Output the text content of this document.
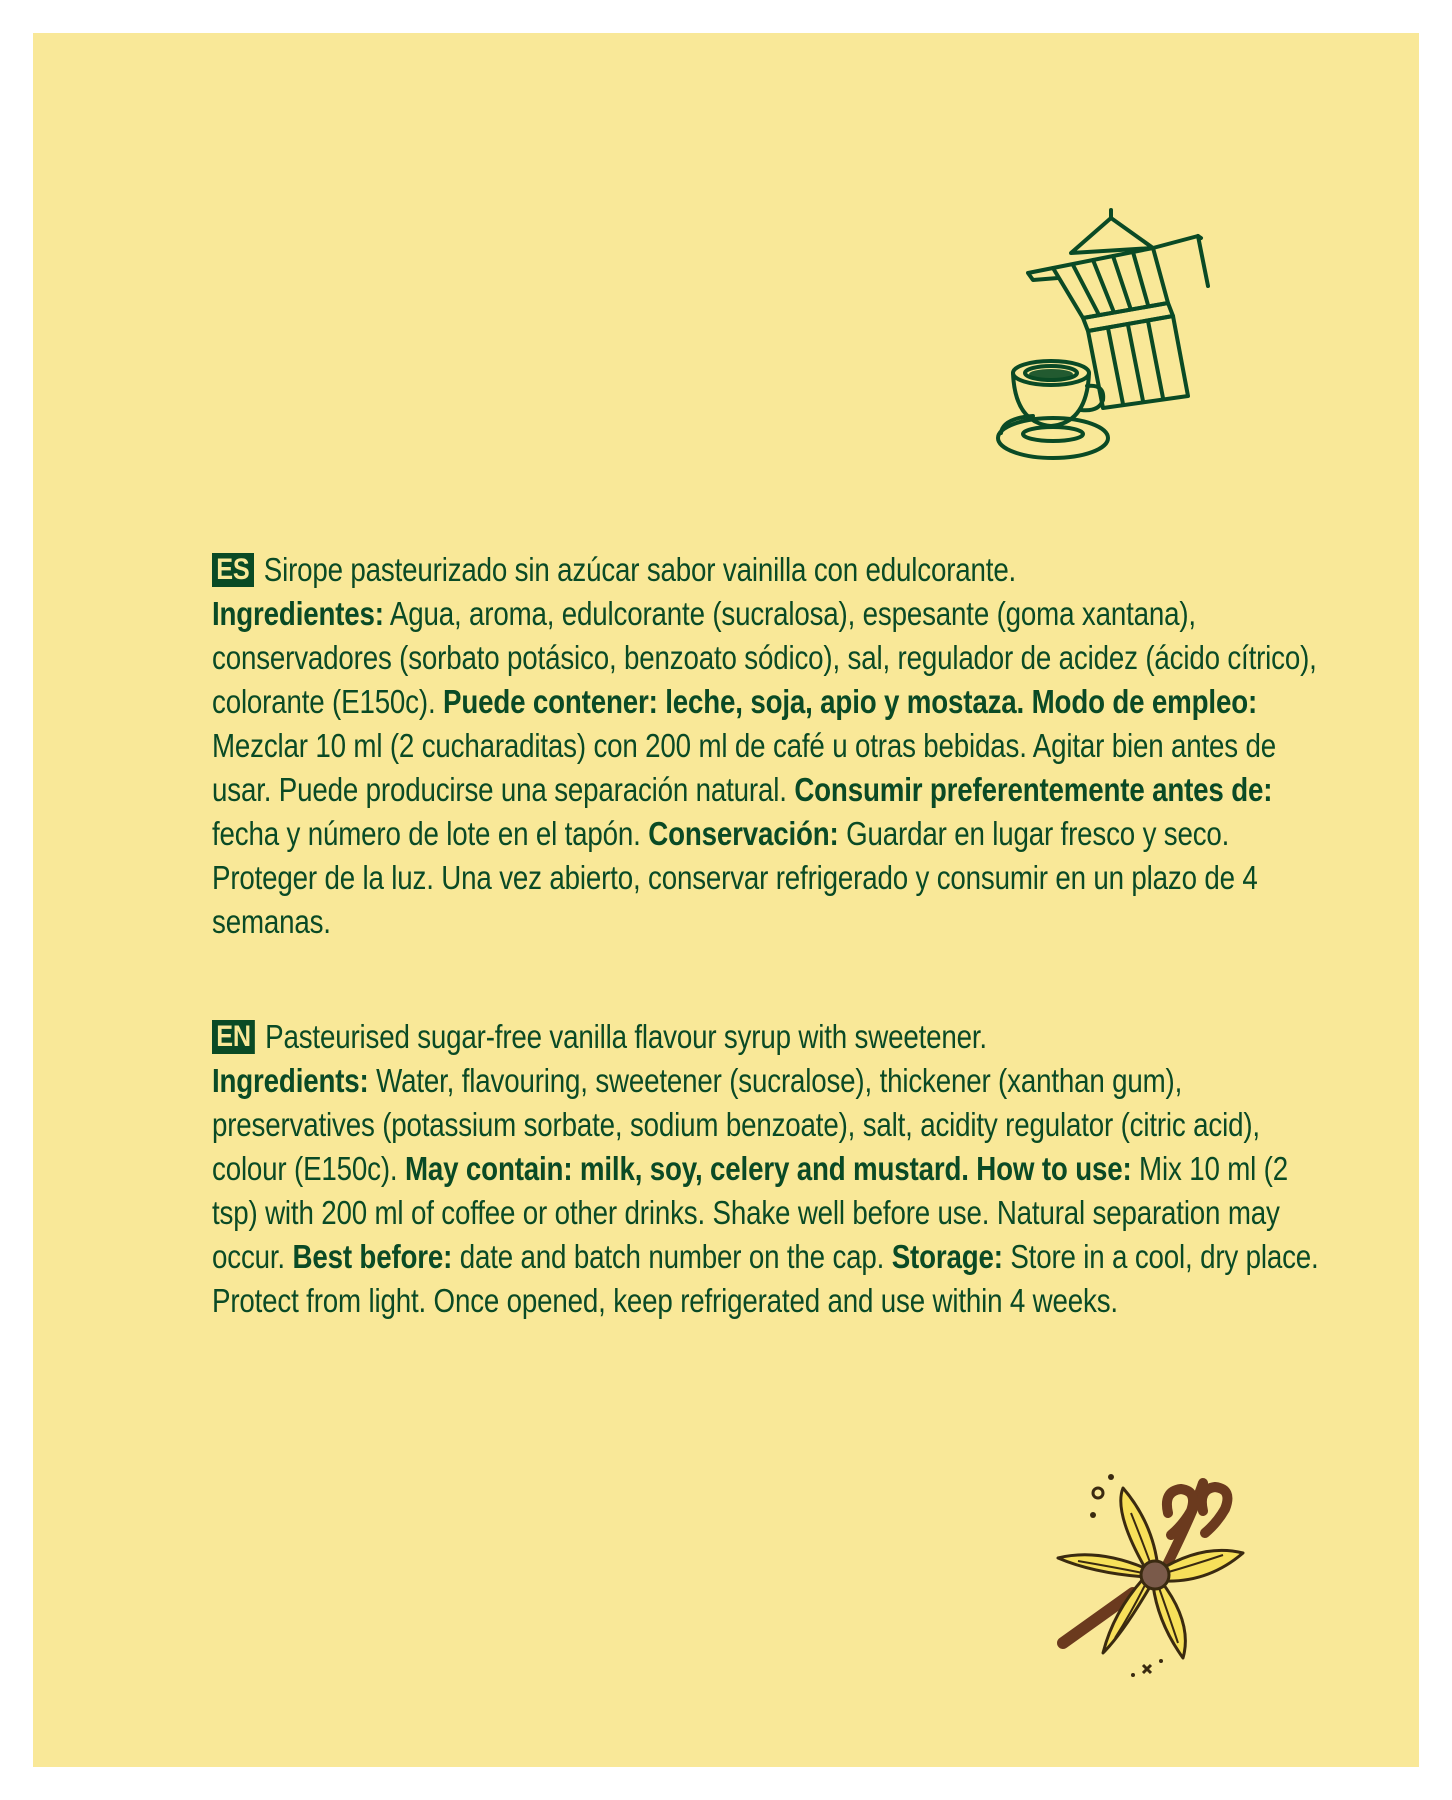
ES Sirope pasteurizado sin azúcar sabor vainilla con edulcorante.
Ingredientes: Agua, aroma, edulcorante (sucralosa), espesante (goma xantana), conservadores (sorbato potásico, benzoato sódico), sal, regulador de acidez (ácido cítrico), colorante (E150c). Puede contener: leche, soja, apio y mostaza. Modo de empleo: Mezclar 10 ml (2 cucharaditas) con 200 ml de café u otras bebidas. Agitar bien antes de usar. Puede producirse una separación natural. Consumir preferentemente antes de: fecha y número de lote en el tapón. Conservación: Guardar en lugar fresco y seco. Proteger de la luz. Una vez abierto, conservar refrigerado y consumir en un plazo de 4 semanas.
EN Pasteurised sugar-free vanilla flavour syrup with sweetener.
Ingredients: Water, flavouring, sweetener (sucralose), thickener (xanthan gum), preservatives (potassium sorbate, sodium benzoate), salt, acidity regulator (citric acid), colour (E150c). May contain: milk, soy, celery and mustard. How to use: Mix 10 ml (2 tsp) with 200 ml of coffee or other drinks. Shake well before use. Natural separation may occur. Best before: date and batch number on the cap. Storage: Store in a cool, dry place. Protect from light. Once opened, keep refrigerated and use within 4 weeks.
